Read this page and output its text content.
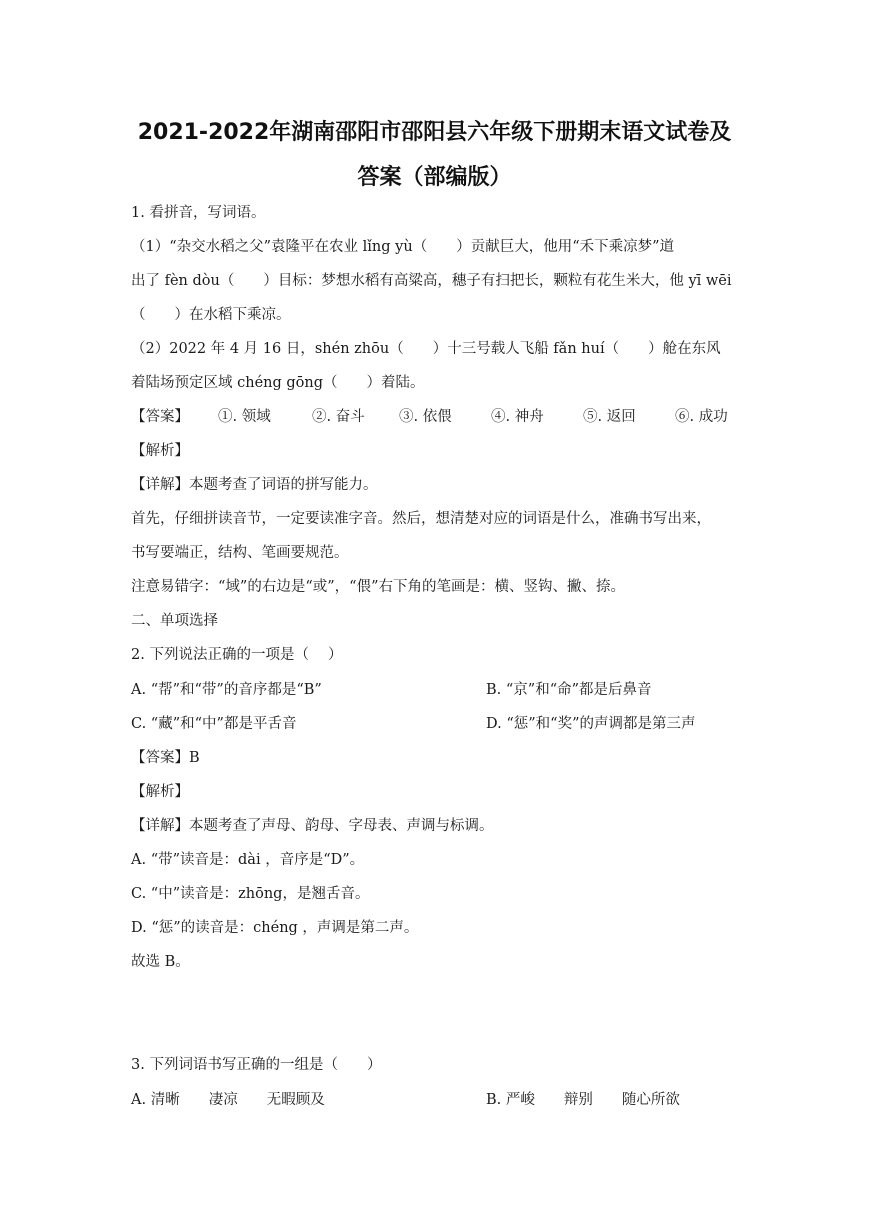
2021-2022年湖南邵阳市邵阳县六年级下册期末语文试卷及
答案（部编版）
1. 看拼音，写词语。
（1）“杂交水稻之父”袁隆平在农业 lǐng yù（　　）贡献巨大，他用“禾下乘凉梦”道
出了 fèn dòu（　　）目标：梦想水稻有高粱高，穗子有扫把长，颗粒有花生米大，他 yī wēi
（　　）在水稻下乘凉。
（2）2022 年 4 月 16 日，shén zhōu（　　）十三号载人飞船 fǎn huí（　　）舱在东风
着陆场预定区域 chéng gōng（　　）着陆。
【答案】 ①. 领域	②. 奋斗 ③. 依偎	④. 神舟	⑤. 返回	⑥. 成功
【解析】
【详解】本题考查了词语的拼写能力。
首先，仔细拼读音节，一定要读准字音。然后，想清楚对应的词语是什么，准确书写出来，
书写要端正，结构、笔画要规范。
注意易错字：“域”的右边是“或”，“偎”右下角的笔画是：横、竖钩、撇、捺。
二、单项选择
2. 下列说法正确的一项是（　 ）
A. “帮”和“带”的音序都是“B”	B. “京”和“命”都是后鼻音
C. “藏”和“中”都是平舌音	D. “惩”和“奖”的声调都是第三声
【答案】B
【解析】
【详解】本题考查了声母、韵母、字母表、声调与标调。
A. “带”读音是：dài ，音序是“D”。
C. “中”读音是：zhōng，是翘舌音。
D. “惩”的读音是：chéng ，声调是第二声。
故选 B。
3. 下列词语书写正确的一组是（　　）
A. 清晰　　凄凉　　无暇顾及	B. 严峻　　辩别　　随心所欲
